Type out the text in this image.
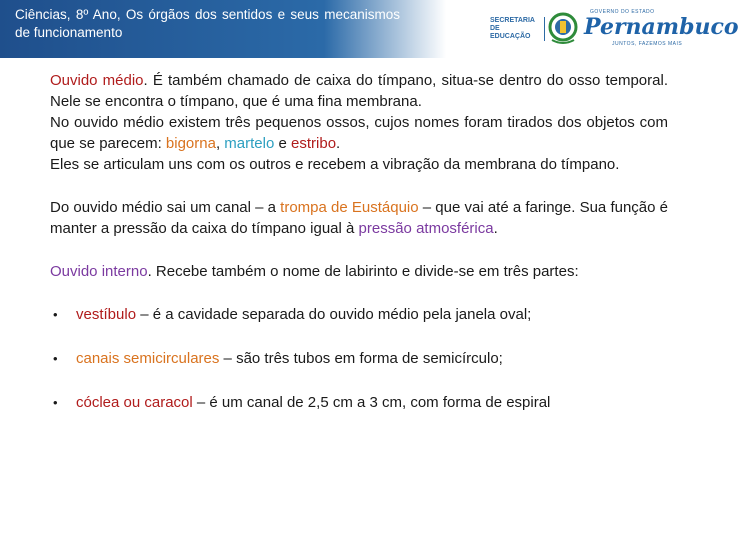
Ciências, 8º Ano, Os órgãos dos sentidos e seus mecanismos de funcionamento
SECRETARIA DE EDUCAÇÃO
GOVERNO DO ESTADO
Pernambuco
JUNTOS, FAZEMOS MAIS

Ouvido médio. É também chamado de caixa do tímpano, situa-se dentro do osso temporal. Nele se encontra o tímpano, que é uma fina membrana.
No ouvido médio existem três pequenos ossos, cujos nomes foram tirados dos objetos com que se parecem: bigorna, martelo e estribo.
Eles se articulam uns com os outros e recebem a vibração da membrana do tímpano.

Do ouvido médio sai um canal – a trompa de Eustáquio – que vai até a faringe. Sua função é manter a pressão da caixa do tímpano igual à pressão atmosférica.

Ouvido interno. Recebe também o nome de labirinto e divide-se em três partes:

• vestíbulo – é a cavidade separada do ouvido médio pela janela oval;
• canais semicirculares – são três tubos em forma de semicírculo;
• cóclea ou caracol – é um canal de 2,5 cm a 3 cm, com forma de espiral
